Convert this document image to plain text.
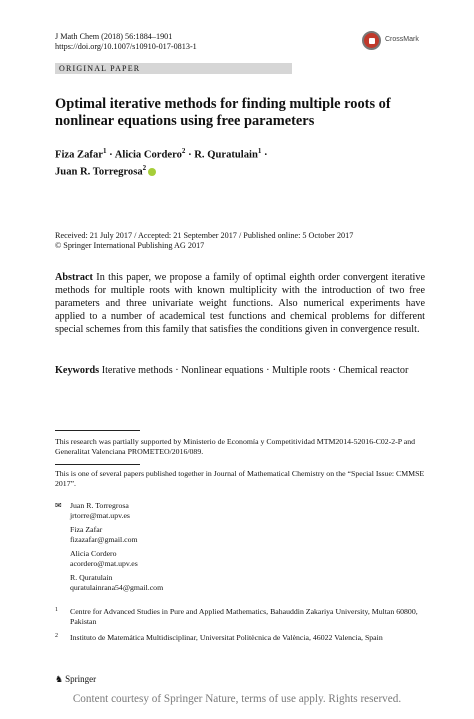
J Math Chem (2018) 56:1884–1901
https://doi.org/10.1007/s10910-017-0813-1
CrossMark
ORIGINAL PAPER
Optimal iterative methods for finding multiple roots of nonlinear equations using free parameters
Fiza Zafar$^1$ · Alicia Cordero$^2$ · R. Quratulain$^1$ ·
Juan R. Torregrosa$^2$
Received: 21 July 2017 / Accepted: 21 September 2017 / Published online: 5 October 2017
© Springer International Publishing AG 2017
Abstract In this paper, we propose a family of optimal eighth order convergent iterative methods for multiple roots with known multiplicity with the introduction of two free parameters and three univariate weight functions. Also numerical experiments have applied to a number of academical test functions and chemical problems for different special schemes from this family that satisfies the conditions given in convergence result.
Keywords Iterative methods · Nonlinear equations · Multiple roots · Chemical reactor
This research was partially supported by Ministerio de Economía y Competitividad MTM2014-52016-C02-2-P and Generalitat Valenciana PROMETEO/2016/089.
This is one of several papers published together in Journal of Mathematical Chemistry on the “Special Issue: CMMSE 2017”.
✉ Juan R. Torregrosa
jrtorre@mat.upv.es
Fiza Zafar
fizazafar@gmail.com
Alicia Cordero
acordero@mat.upv.es
R. Quratulain
quratulainrana54@gmail.com
1 Centre for Advanced Studies in Pure and Applied Mathematics, Bahauddin Zakariya University, Multan 60800, Pakistan
2 Instituto de Matemática Multidisciplinar, Universitat Politècnica de València, 46022 Valencia, Spain
♞ Springer
Content courtesy of Springer Nature, terms of use apply. Rights reserved.
